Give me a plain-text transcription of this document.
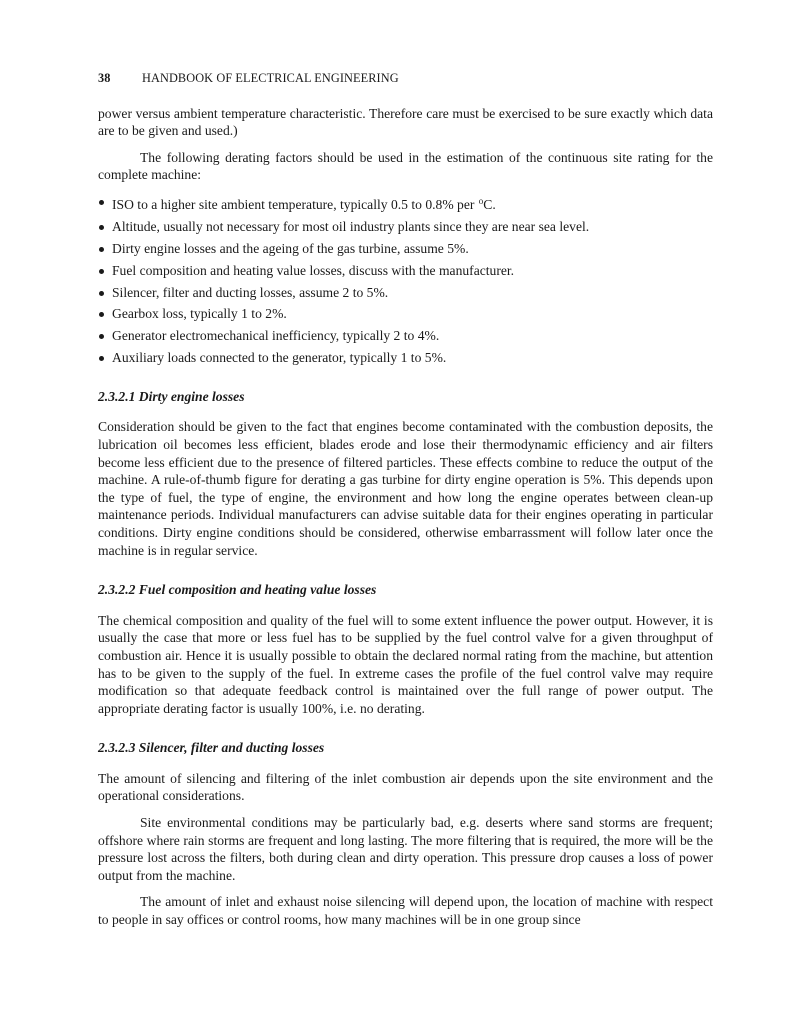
38	HANDBOOK OF ELECTRICAL ENGINEERING

power versus ambient temperature characteristic. Therefore care must be exercised to be sure exactly which data are to be given and used.)

The following derating factors should be used in the estimation of the continuous site rating for the complete machine:

ISO to a higher site ambient temperature, typically 0.5 to 0.8% per $^o$C.
Altitude, usually not necessary for most oil industry plants since they are near sea level.
Dirty engine losses and the ageing of the gas turbine, assume 5%.
Fuel composition and heating value losses, discuss with the manufacturer.
Silencer, filter and ducting losses, assume 2 to 5%.
Gearbox loss, typically 1 to 2%.
Generator electromechanical inefficiency, typically 2 to 4%.
Auxiliary loads connected to the generator, typically 1 to 5%.
2.3.2.1 Dirty engine losses

Consideration should be given to the fact that engines become contaminated with the combustion deposits, the lubrication oil becomes less efficient, blades erode and lose their thermodynamic efficiency and air filters become less efficient due to the presence of filtered particles. These effects combine to reduce the output of the machine. A rule-of-thumb figure for derating a gas turbine for dirty engine operation is 5%. This depends upon the type of fuel, the type of engine, the environment and how long the engine operates between clean-up maintenance periods. Individual manufacturers can advise suitable data for their engines operating in particular conditions. Dirty engine conditions should be considered, otherwise embarrassment will follow later once the machine is in regular service.

2.3.2.2 Fuel composition and heating value losses

The chemical composition and quality of the fuel will to some extent influence the power output. However, it is usually the case that more or less fuel has to be supplied by the fuel control valve for a given throughput of combustion air. Hence it is usually possible to obtain the declared normal rating from the machine, but attention has to be given to the supply of the fuel. In extreme cases the profile of the fuel control valve may require modification so that adequate feedback control is maintained over the full range of power output. The appropriate derating factor is usually 100%, i.e. no derating.

2.3.2.3 Silencer, filter and ducting losses

The amount of silencing and filtering of the inlet combustion air depends upon the site environment and the operational considerations.

Site environmental conditions may be particularly bad, e.g. deserts where sand storms are frequent; offshore where rain storms are frequent and long lasting. The more filtering that is required, the more will be the pressure lost across the filters, both during clean and dirty operation. This pressure drop causes a loss of power output from the machine.

The amount of inlet and exhaust noise silencing will depend upon, the location of machine with respect to people in say offices or control rooms, how many machines will be in one group since
